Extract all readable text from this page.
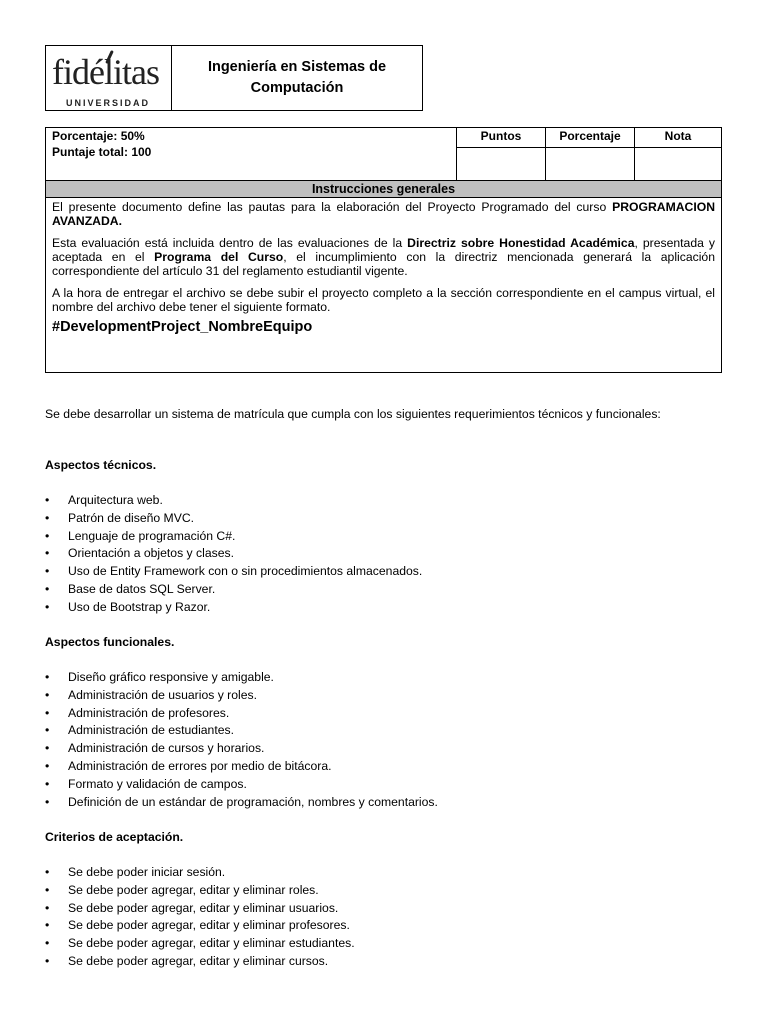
fidélitas
UNIVERSIDAD
Ingeniería en Sistemas de
Computación
Porcentaje: 50%
Puntaje total: 100	Puntos	Porcentaje	Nota

Instrucciones generales

El presente documento define las pautas para la elaboración del Proyecto Programado del curso PROGRAMACION AVANZADA.

Esta evaluación está incluida dentro de las evaluaciones de la Directriz sobre Honestidad Académica, presentada y aceptada en el Programa del Curso, el incumplimiento con la directriz mencionada generará la aplicación correspondiente del artículo 31 del reglamento estudiantil vigente.

A la hora de entregar el archivo se debe subir el proyecto completo a la sección correspondiente en el campus virtual, el nombre del archivo debe tener el siguiente formato.

#DevelopmentProject_NombreEquipo
Se debe desarrollar un sistema de matrícula que cumpla con los siguientes requerimientos técnicos y funcionales:
Aspectos técnicos.
• Arquitectura web.
• Patrón de diseño MVC.
• Lenguaje de programación C#.
• Orientación a objetos y clases.
• Uso de Entity Framework con o sin procedimientos almacenados.
• Base de datos SQL Server.
• Uso de Bootstrap y Razor.
Aspectos funcionales.
• Diseño gráfico responsive y amigable.
• Administración de usuarios y roles.
• Administración de profesores.
• Administración de estudiantes.
• Administración de cursos y horarios.
• Administración de errores por medio de bitácora.
• Formato y validación de campos.
• Definición de un estándar de programación, nombres y comentarios.
Criterios de aceptación.
• Se debe poder iniciar sesión.
• Se debe poder agregar, editar y eliminar roles.
• Se debe poder agregar, editar y eliminar usuarios.
• Se debe poder agregar, editar y eliminar profesores.
• Se debe poder agregar, editar y eliminar estudiantes.
• Se debe poder agregar, editar y eliminar cursos.
